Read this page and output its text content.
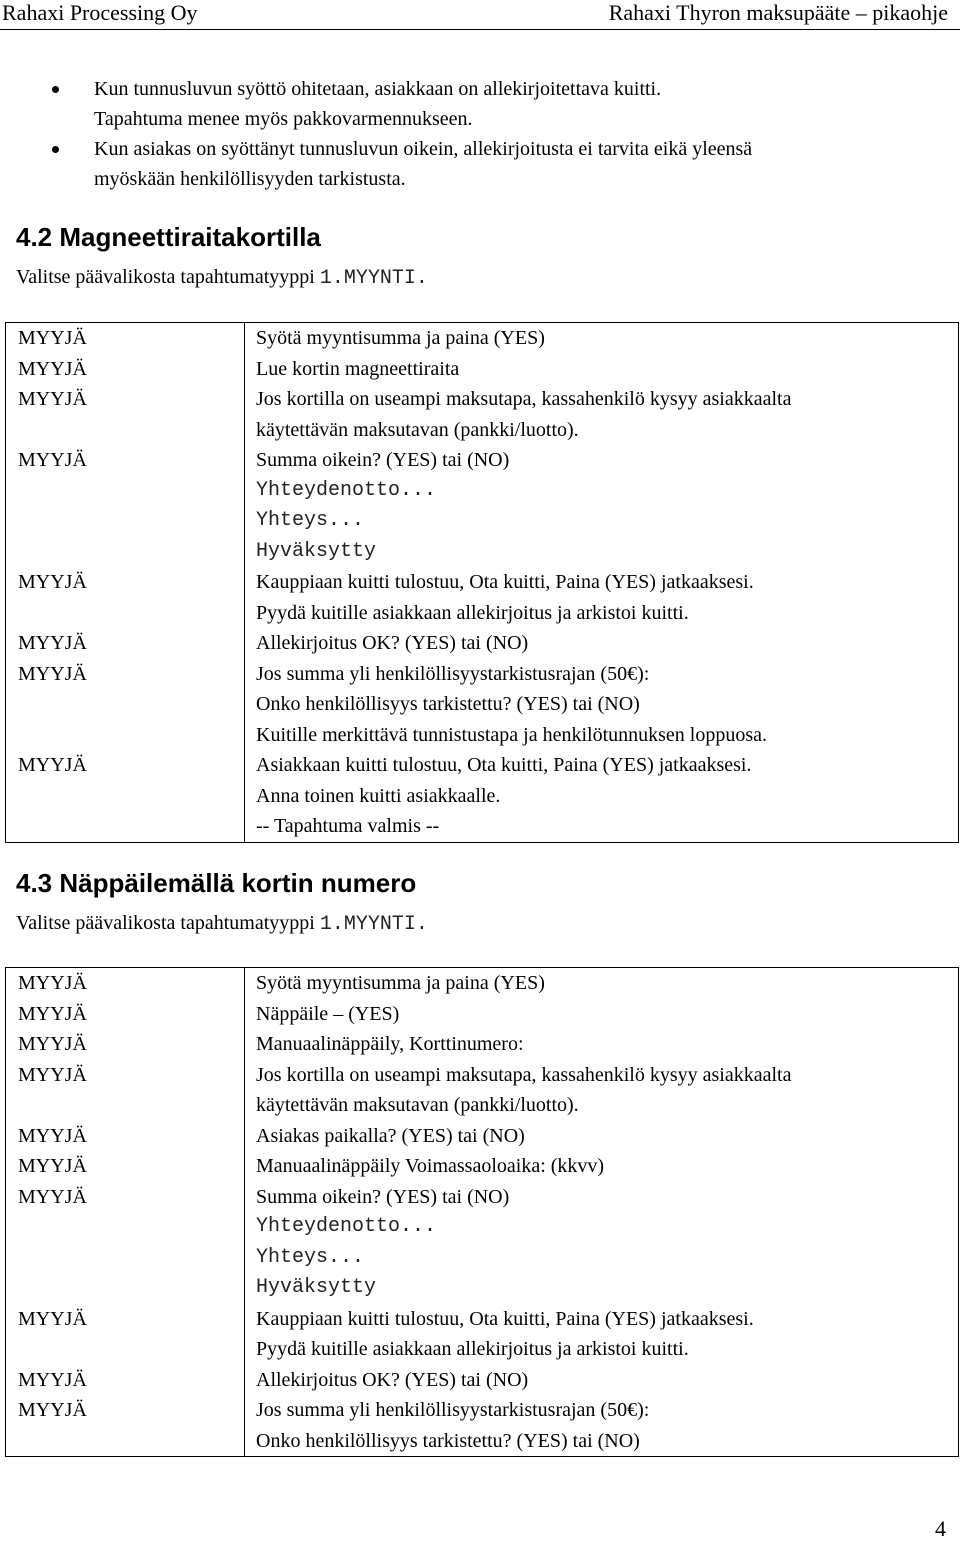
Rahaxi Processing Oy	Rahaxi Thyron maksupääte – pikaohje
Kun tunnusluvun syöttö ohitetaan, asiakkaan on allekirjoitettava kuitti.
Tapahtuma menee myös pakkovarmennukseen.
Kun asiakas on syöttänyt tunnusluvun oikein, allekirjoitusta ei tarvita eikä yleensä
myöskään henkilöllisyyden tarkistusta.
4.2 Magneettiraitakortilla
Valitse päävalikosta tapahtumatyyppi 1.MYYNTI.
MYYJÄ	Syötä myyntisumma ja paina (YES)

MYYJÄ	Lue kortin magneettiraita

MYYJÄ	Jos kortilla on useampi maksutapa, kassahenkilö kysyy asiakkaalta
käytettävän maksutavan (pankki/luotto).

MYYJÄ	Summa oikein? (YES) tai (NO)

	Yhteydenotto...

	Yhteys...

	Hyväksytty

MYYJÄ	Kauppiaan kuitti tulostuu, Ota kuitti, Paina (YES) jatkaaksesi.
Pyydä kuitille asiakkaan allekirjoitus ja arkistoi kuitti.

MYYJÄ	Allekirjoitus OK? (YES) tai (NO)

MYYJÄ	Jos summa yli henkilöllisyystarkistusrajan (50€):
Onko henkilöllisyys tarkistettu? (YES) tai (NO)
Kuitille merkittävä tunnistustapa ja henkilötunnuksen loppuosa.

MYYJÄ	Asiakkaan kuitti tulostuu, Ota kuitti, Paina (YES) jatkaaksesi.
Anna toinen kuitti asiakkaalle.
-- Tapahtuma valmis --
4.3 Näppäilemällä kortin numero
Valitse päävalikosta tapahtumatyyppi 1.MYYNTI.
MYYJÄ	Syötä myyntisumma ja paina (YES)

MYYJÄ	Näppäile – (YES)

MYYJÄ	Manuaalinäppäily, Korttinumero:

MYYJÄ	Jos kortilla on useampi maksutapa, kassahenkilö kysyy asiakkaalta
käytettävän maksutavan (pankki/luotto).

MYYJÄ	Asiakas paikalla? (YES) tai (NO)

MYYJÄ	Manuaalinäppäily Voimassaoloaika: (kkvv)

MYYJÄ	Summa oikein? (YES) tai (NO)

	Yhteydenotto...

	Yhteys...

	Hyväksytty

MYYJÄ	Kauppiaan kuitti tulostuu, Ota kuitti, Paina (YES) jatkaaksesi.
Pyydä kuitille asiakkaan allekirjoitus ja arkistoi kuitti.

MYYJÄ	Allekirjoitus OK? (YES) tai (NO)

MYYJÄ	Jos summa yli henkilöllisyystarkistusrajan (50€):
Onko henkilöllisyys tarkistettu? (YES) tai (NO)
4
